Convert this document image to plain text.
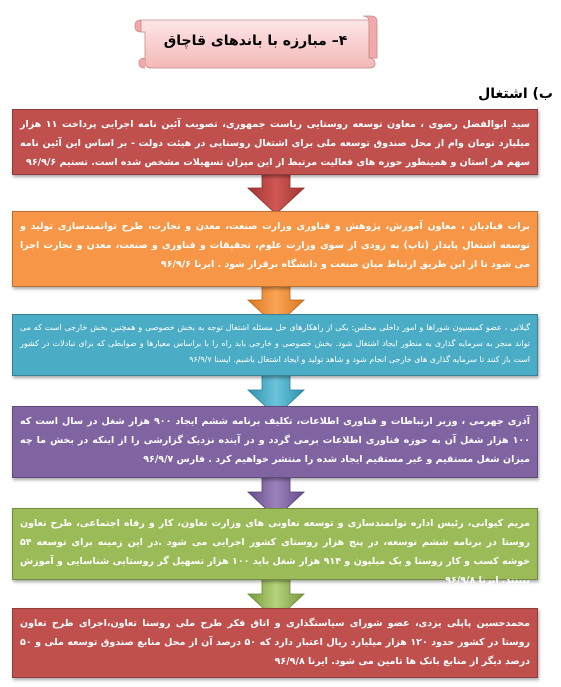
۴– مبارزه با باندهای قاچاق
ب) اشتغال
سید ابوالفضل رضوی ، معاون توسعه روستایی ریاست جمهوری، تصویب آئین نامه اجرایی پرداخت ۱۱ هزار میلیارد تومان وام از محل صندوق توسعه ملی برای اشتغال روستایی در هیئت دولت - بر اساس این آئین نامه سهم هر استان و همینطور حوزه های فعالیت مرتبط از این میزان تسهیلات مشخص شده است. تسنیم ۹۶/۹/۶
برات قبادیان ، معاون آموزش، پژوهش و فناوری وزارت صنعت، معدن و تجارت، طرح توانمندسازی تولید و توسعه اشتغال پایدار (تاپ) به زودی از سوی وزارت علوم، تحقیقات و فناوری و صنعت، معدن و تجارت اجرا می شود تا از این طریق ارتباط میان صنعت و دانشگاه برقرار شود . ایرنا ۹۶/۹/۶
گیلانی ، عضو کمیسیون شوراها و امور داخلی مجلس: یکی از راهکارهای حل مسئله اشتغال توجه به بخش خصوصی و همچنین بخش خارجی است که می تواند منجر به سرمایه گذاری به منظور ایجاد اشتغال شود. بخش خصوصی و خارجی باید راه را با براساس معیارها و ضوابطی که برای تبادلات در کشور است باز کنند تا سرمایه گذاری های خارجی انجام شود و شاهد تولید و ایجاد اشتغال باشیم. ایسنا ۹۶/۹/۷
آذری جهرمی ، وزیر ارتباطات و فناوری اطلاعات، تکلیف برنامه ششم ایجاد ۹۰۰ هزار شغل در سال است که ۱۰۰ هزار شغل آن به حوزه فناوری اطلاعات برمی گردد و در آینده نزدیک گزارشی را از اینکه در بخش ما چه میزان شغل مستقیم و غیر مستقیم ایجاد شده را منتشر خواهیم کرد . فارس ۹۶/۹/۷
مریم کیوانی، رئیس اداره توانمندسازی و توسعه تعاونی های وزارت تعاون، کار و رفاه اجتماعی، طرح تعاون روستا در برنامه ششم توسعه، در پنج هزار روستای کشور اجرایی می شود .در این زمینه برای توسعه ۵۴ خوشه کسب و کار روستا و یک میلیون و ۹۱۴ هزار شغل باید ۱۰۰ هزار تسهیل گر روستایی شناسایی و آموزش ببینند. ایرنا ۹۶/۹/۸
محمدحسین پاپلی یزدی، عضو شورای سیاستگذاری و اتاق فکر طرح ملی روستا تعاون،اجرای طرح تعاون روستا در کشور حدود ۱۲۰ هزار میلیارد ریال اعتبار دارد که ۵۰ درصد آن از محل منابع صندوق توسعه ملی و ۵۰ درصد دیگر از منابع بانک ها تامین می شود. ایرنا ۹۶/۹/۸
